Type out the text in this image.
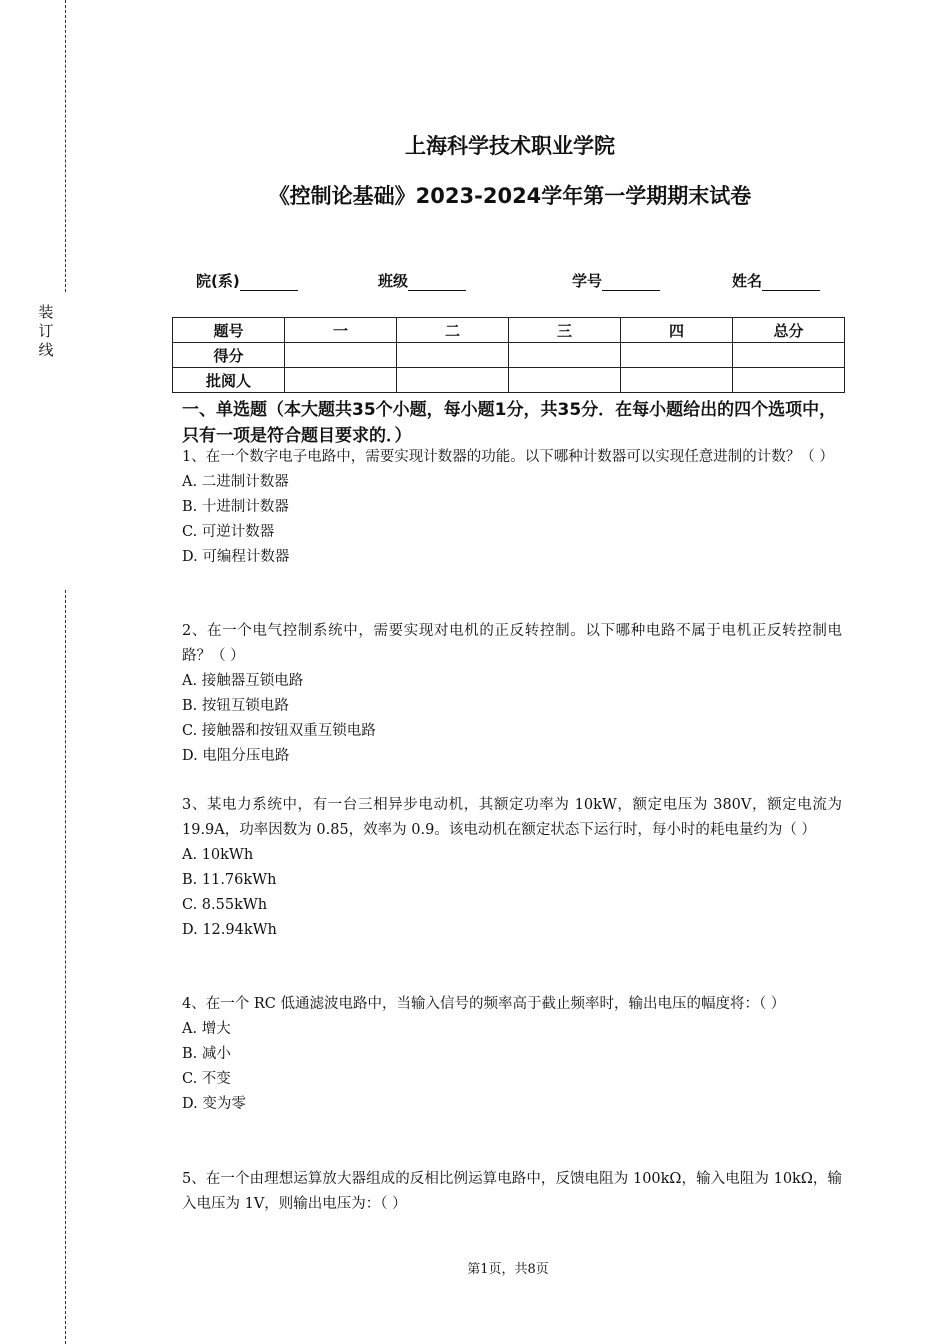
装
订
线
上海科学技术职业学院
《控制论基础》2023-2024学年第一学期期末试卷
院(系)	班级	学号	姓名
题号	一	二	三	四	总分
得分					
批阅人					
一、单选题（本大题共35个小题，每小题1分，共35分．在每小题给出的四个选项中，只有一项是符合题目要求的．）
1、在一个数字电子电路中，需要实现计数器的功能。以下哪种计数器可以实现任意进制的计数？（ ）
A. 二进制计数器
B. 十进制计数器
C. 可逆计数器
D. 可编程计数器
2、在一个电气控制系统中，需要实现对电机的正反转控制。以下哪种电路不属于电机正反转控制电路？（ ）
A. 接触器互锁电路
B. 按钮互锁电路
C. 接触器和按钮双重互锁电路
D. 电阻分压电路
3、某电力系统中，有一台三相异步电动机，其额定功率为 10kW，额定电压为 380V，额定电流为 19.9A，功率因数为 0.85，效率为 0.9。该电动机在额定状态下运行时，每小时的耗电量约为（ ）
A. 10kWh
B. 11.76kWh
C. 8.55kWh
D. 12.94kWh
4、在一个 RC 低通滤波电路中，当输入信号的频率高于截止频率时，输出电压的幅度将：（ ）
A. 增大
B. 减小
C. 不变
D. 变为零
5、在一个由理想运算放大器组成的反相比例运算电路中，反馈电阻为 100kΩ，输入电阻为 10kΩ，输入电压为 1V，则输出电压为：（ ）
第1页，共8页
